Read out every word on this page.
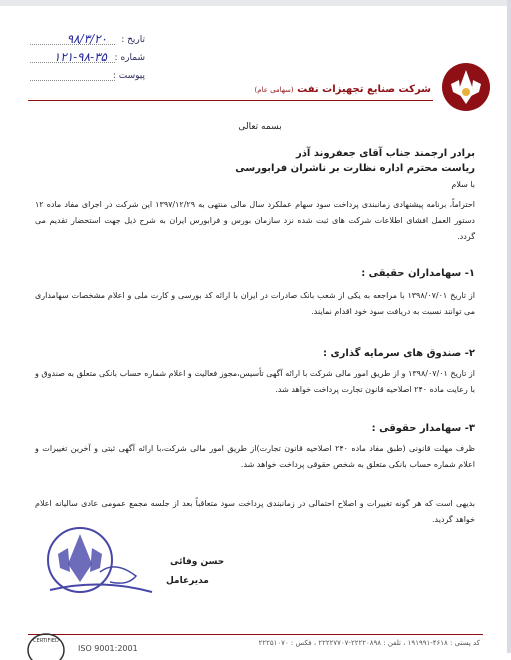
تاریخ :
۹۸/۳/۲۰
شماره :
۱۲۱-۹۸-۳۵
پیوست :
شرکت صنایع تجهیزات نفت (سهامی عام)
بسمه تعالی
برادر ارجمند جناب آقای جعفروند آذر
ریاست محترم اداره نظارت بر ناشران فرابورسی
با سلام
احتراماً، برنامه پیشنهادی زمانبندی پرداخت سود سهام عملکرد سال مالی منتهی به ۱۳۹۷/۱۲/۲۹ این شرکت در اجرای مفاد ماده ۱۲ دستور العمل افشای اطلاعات شرکت های ثبت شده نزد سازمان بورس و فرابورس ایران به شرح ذیل جهت استحضار تقدیم می گردد.
۱- سهامداران حقیقی :
از تاریخ ۱۳۹۸/۰۷/۰۱ با مراجعه به یکی از شعب بانک صادرات در ایران با ارائه کد بورسی و کارت ملی و اعلام مشخصات سهامداری می توانند نسبت به دریافت سود خود اقدام نمایند.
۲- صندوق های سرمایه گذاری :
از تاریخ ۱۳۹۸/۰۷/۰۱ و از طریق امور مالی شرکت با ارائه آگهی تأسیس،مجوز فعالیت و اعلام شماره حساب بانکی متعلق به صندوق و با رعایت ماده ۲۴۰ اصلاحیه قانون تجارت پرداخت خواهد شد.
۳- سهامدار حقوقی :
ظرف مهلت قانونی (طبق مفاد ماده ۲۴۰ اصلاحیه قانون تجارت)از طریق امور مالی شرکت،با ارائه آگهی ثبتی و آخرین تغییرات و اعلام شماره حساب بانکی متعلق به شخص حقوقی پرداخت خواهد شد.
بدیهی است که هر گونه تغییرات و اصلاح احتمالی در زمانبندی پرداخت سود متعاقباً بعد از جلسه مجمع عمومی عادی سالیانه اعلام خواهد گردید.
حسن وفائی
مدیرعامل
CERTIFIED
ISO 9001:2001
کد پستی : ۴۶۱۸-۱۹۱۹۹۱ ، تلفن : ۲۲۲۲۰۸۹۸-۲۲۲۲۷۷۰۷ ، فکس : ۲۲۲۵۱۰۷۰
